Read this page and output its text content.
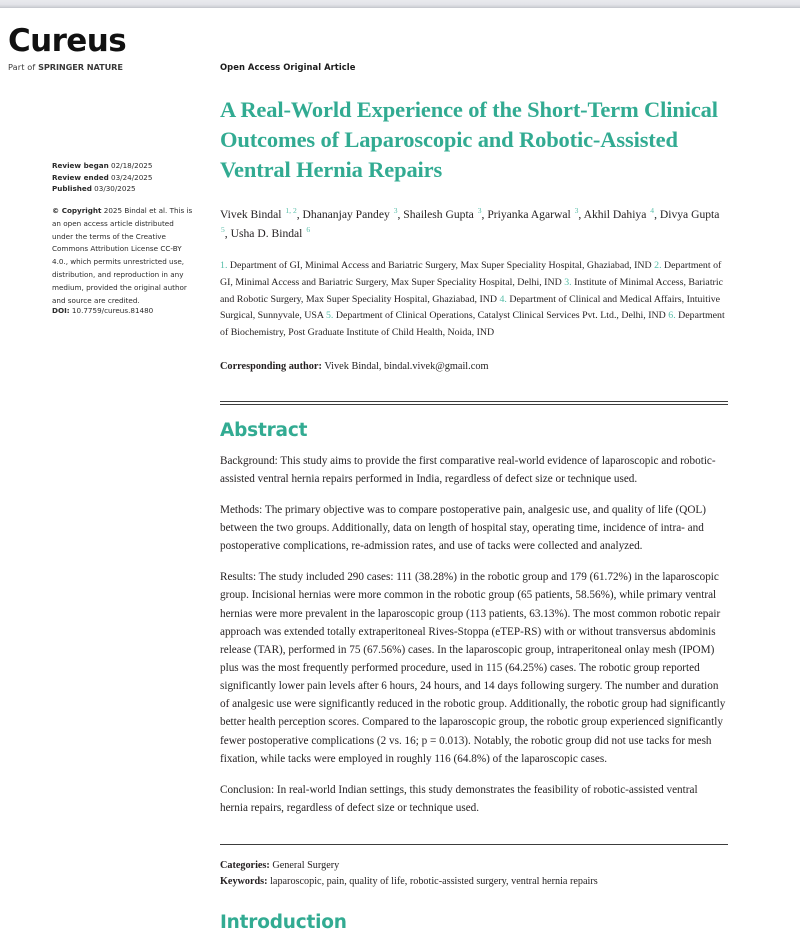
Cureus
Part of SPRINGER NATURE
Review began 02/18/2025
Review ended 03/24/2025
Published 03/30/2025
© Copyright 2025 Bindal et al. This is an open access article distributed under the terms of the Creative Commons Attribution License CC-BY 4.0., which permits unrestricted use, distribution, and reproduction in any medium, provided the original author and source are credited.
DOI: 10.7759/cureus.81480
Open Access Original Article
A Real-World Experience of the Short-Term Clinical Outcomes of Laparoscopic and Robotic-Assisted Ventral Hernia Repairs
Vivek Bindal $^{1, 2}$, Dhananjay Pandey $^3$, Shailesh Gupta $^3$, Priyanka Agarwal $^3$, Akhil Dahiya $^4$, Divya Gupta $^5$, Usha D. Bindal $^6$
1. Department of GI, Minimal Access and Bariatric Surgery, Max Super Speciality Hospital, Ghaziabad, IND 2. Department of GI, Minimal Access and Bariatric Surgery, Max Super Speciality Hospital, Delhi, IND 3. Institute of Minimal Access, Bariatric and Robotic Surgery, Max Super Speciality Hospital, Ghaziabad, IND 4. Department of Clinical and Medical Affairs, Intuitive Surgical, Sunnyvale, USA 5. Department of Clinical Operations, Catalyst Clinical Services Pvt. Ltd., Delhi, IND 6. Department of Biochemistry, Post Graduate Institute of Child Health, Noida, IND
Corresponding author: Vivek Bindal, bindal.vivek@gmail.com
Abstract

Background: This study aims to provide the first comparative real-world evidence of laparoscopic and robotic-assisted ventral hernia repairs performed in India, regardless of defect size or technique used.

Methods: The primary objective was to compare postoperative pain, analgesic use, and quality of life (QOL) between the two groups. Additionally, data on length of hospital stay, operating time, incidence of intra- and postoperative complications, re-admission rates, and use of tacks were collected and analyzed.

Results: The study included 290 cases: 111 (38.28%) in the robotic group and 179 (61.72%) in the laparoscopic group. Incisional hernias were more common in the robotic group (65 patients, 58.56%), while primary ventral hernias were more prevalent in the laparoscopic group (113 patients, 63.13%). The most common robotic repair approach was extended totally extraperitoneal Rives-Stoppa (eTEP-RS) with or without transversus abdominis release (TAR), performed in 75 (67.56%) cases. In the laparoscopic group, intraperitoneal onlay mesh (IPOM) plus was the most frequently performed procedure, used in 115 (64.25%) cases. The robotic group reported significantly lower pain levels after 6 hours, 24 hours, and 14 days following surgery. The number and duration of analgesic use were significantly reduced in the robotic group. Additionally, the robotic group had significantly better health perception scores. Compared to the laparoscopic group, the robotic group experienced significantly fewer postoperative complications (2 vs. 16; p = 0.013). Notably, the robotic group did not use tacks for mesh fixation, while tacks were employed in roughly 116 (64.8%) of the laparoscopic cases.

Conclusion: In real-world Indian settings, this study demonstrates the feasibility of robotic-assisted ventral hernia repairs, regardless of defect size or technique used.

Categories: General Surgery
Keywords: laparoscopic, pain, quality of life, robotic-assisted surgery, ventral hernia repairs
Introduction
